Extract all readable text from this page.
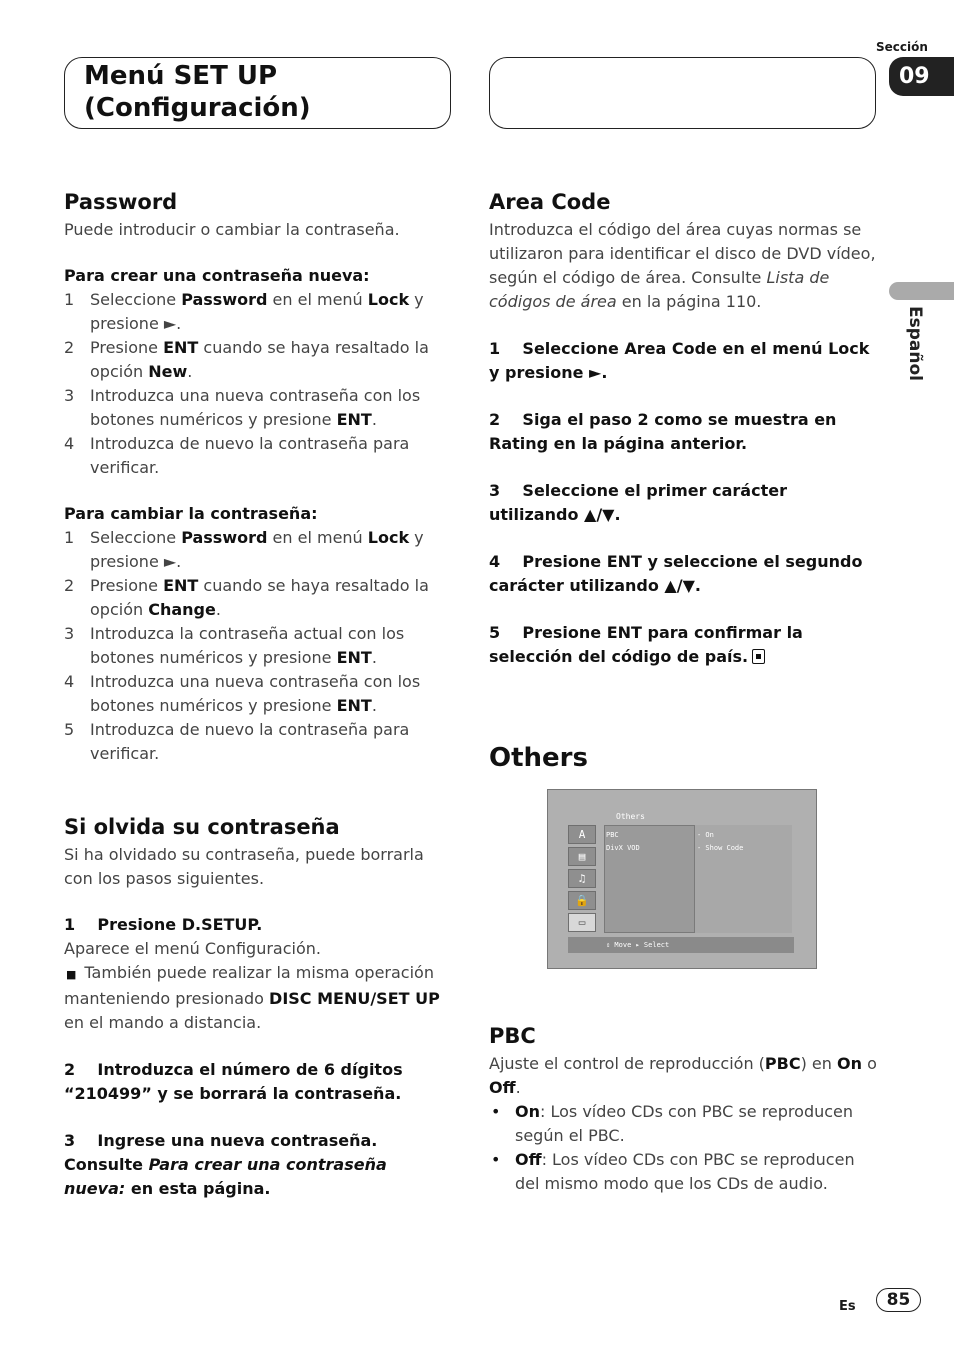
Menú SET UP (Configuración)
Sección
09
Español
Password

Puede introducir o cambiar la contraseña.

Para crear una contraseña nueva:

1 Seleccione Password en el menú Lock y presione ►.
2 Presione ENT cuando se haya resaltado la opción New.
3 Introduzca una nueva contraseña con los botones numéricos y presione ENT.
4 Introduzca de nuevo la contraseña para verificar.

Para cambiar la contraseña:

1 Seleccione Password en el menú Lock y presione ►.
2 Presione ENT cuando se haya resaltado la opción Change.
3 Introduzca la contraseña actual con los botones numéricos y presione ENT.
4 Introduzca una nueva contraseña con los botones numéricos y presione ENT.
5 Introduzca de nuevo la contraseña para verificar.
Si olvida su contraseña

Si ha olvidado su contraseña, puede borrarla con los pasos siguientes.

1 Presione D.SETUP.

Aparece el menú Configuración.

■ También puede realizar la misma operación manteniendo presionado DISC MENU/SET UP en el mando a distancia.

2 Introduzca el número de 6 dígitos “210499” y se borrará la contraseña.

3 Ingrese una nueva contraseña. Consulte Para crear una contraseña nueva: en esta página.

Area Code

Introduzca el código del área cuyas normas se utilizaron para identificar el disco de DVD vídeo, según el código de área. Consulte Lista de códigos de área en la página 110.

1 Seleccione Area Code en el menú Lock y presione ►.

2 Siga el paso 2 como se muestra en Rating en la página anterior.

3 Seleccione el primer carácter utilizando ▲/▼.

4 Presione ENT y seleccione el segundo carácter utilizando ▲/▼.

5 Presione ENT para confirmar la selección del código de país.

Others
Others
A
▤
♫
🔒
▭
PBC
DivX VOD
- On
- Show Code
⇕ Move ▸ Select
PBC

Ajuste el control de reproducción (PBC) en On o Off.

• On: Los vídeo CDs con PBC se reproducen según el PBC.
• Off: Los vídeo CDs con PBC se reproducen del mismo modo que los CDs de audio.
Es	85
